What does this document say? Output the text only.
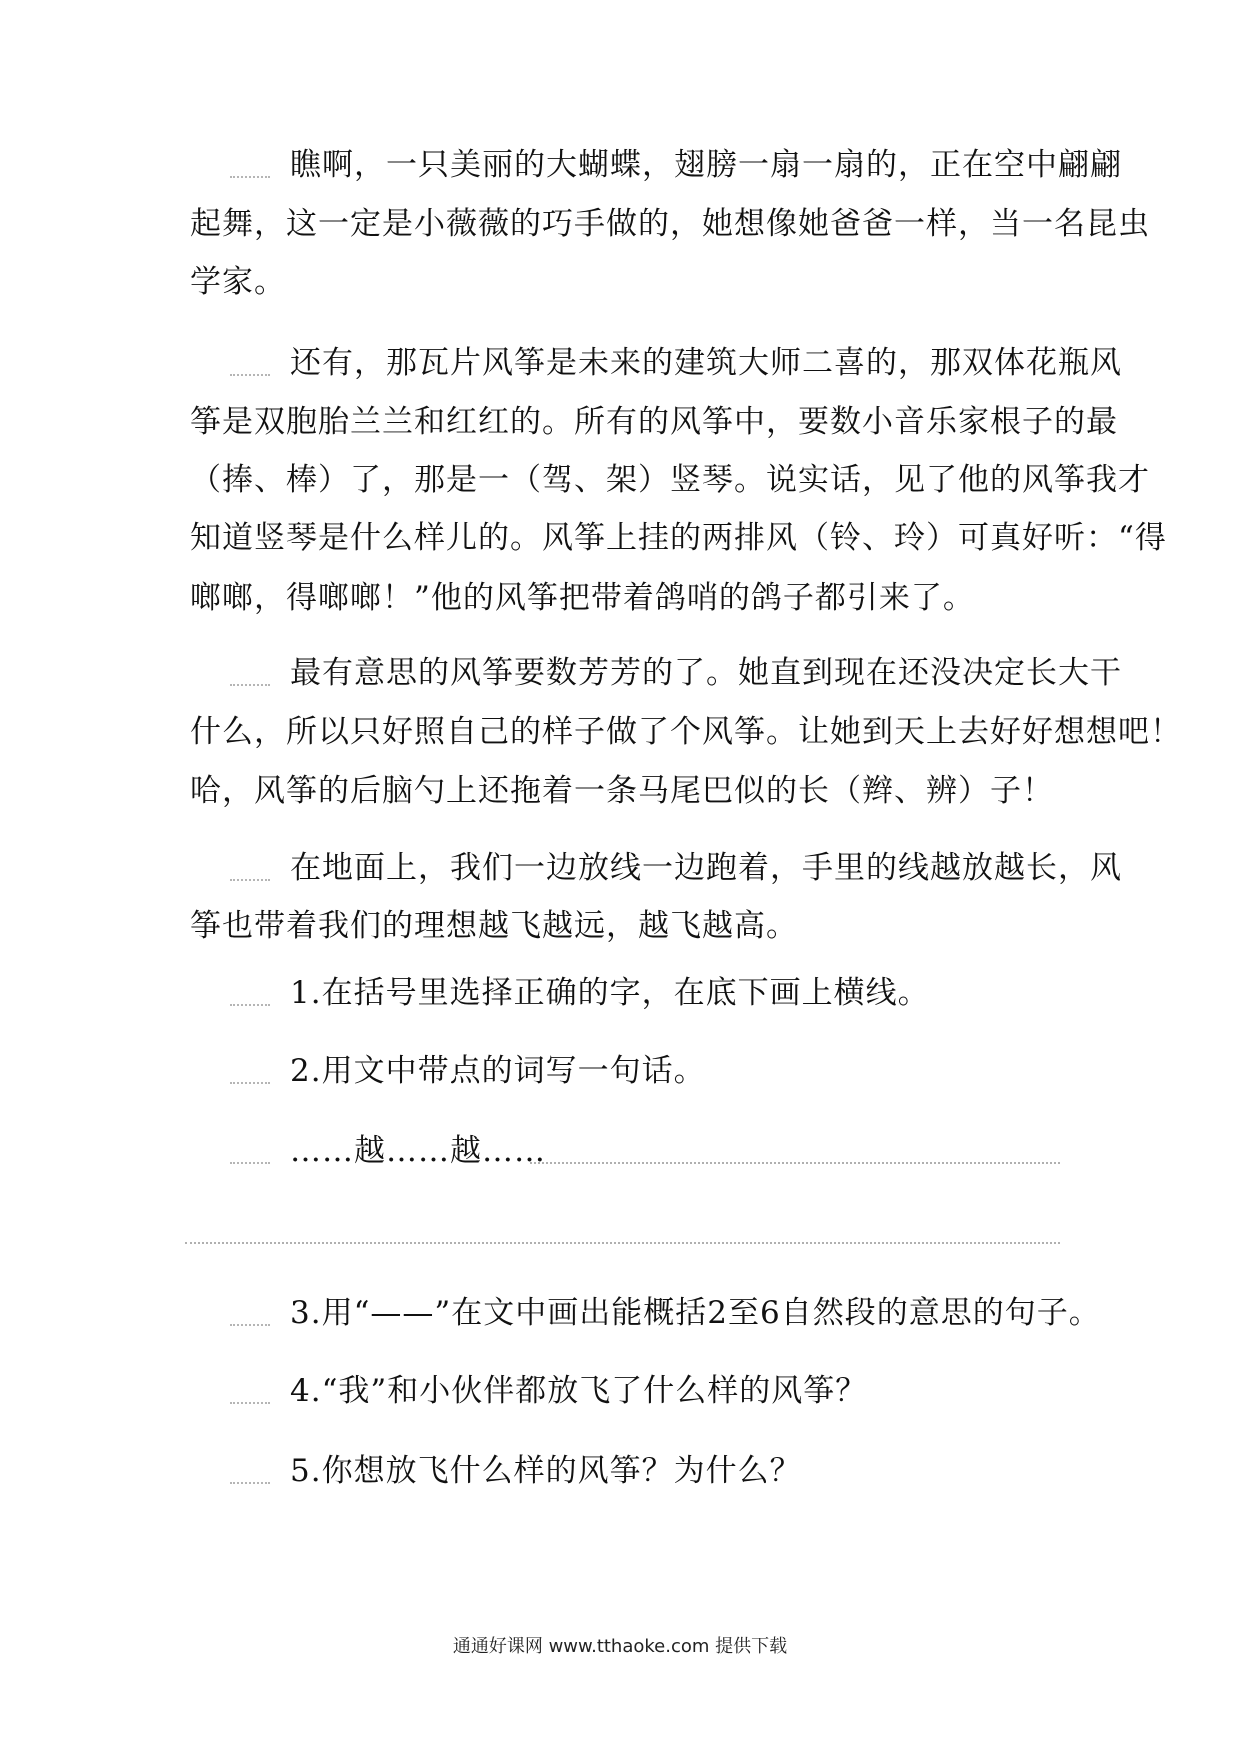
瞧啊，一只美丽的大蝴蝶，翅膀一扇一扇的，正在空中翩翩
起舞，这一定是小薇薇的巧手做的，她想像她爸爸一样，当一名昆虫
学家。
还有，那瓦片风筝是未来的建筑大师二喜的，那双体花瓶风
筝是双胞胎兰兰和红红的。所有的风筝中，要数小音乐家根子的最
（捧、棒）了，那是一（驾、架）竖琴。说实话，见了他的风筝我才
知道竖琴是什么样儿的。风筝上挂的两排风（铃、玲）可真好听：“得
啷啷，得啷啷！”他的风筝把带着鸽哨的鸽子都引来了。
最有意思的风筝要数芳芳的了。她直到现在还没决定长大干
什么，所以只好照自己的样子做了个风筝。让她到天上去好好想想吧！
哈，风筝的后脑勺上还拖着一条马尾巴似的长（辫、辨）子！
在地面上，我们一边放线一边跑着，手里的线越放越长，风
筝也带着我们的理想越飞越远，越飞越高。
1.在括号里选择正确的字，在底下画上横线。
2.用文中带点的词写一句话。
……越……越……
3.用“——”在文中画出能概括2至6自然段的意思的句子。
4.“我”和小伙伴都放飞了什么样的风筝？
5.你想放飞什么样的风筝？为什么？
通通好课网 www.tthaoke.com 提供下载
